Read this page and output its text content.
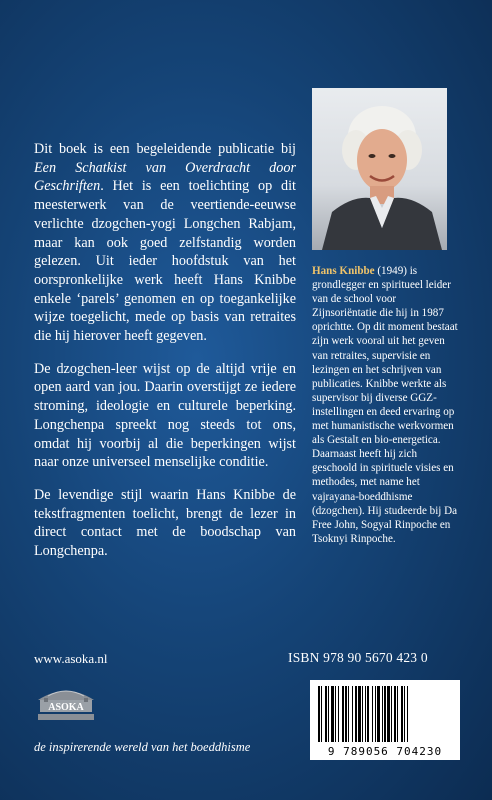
Dit boek is een begeleidende publicatie bij Een Schatkist van Overdracht door Geschriften. Het is een toelichting op dit meesterwerk van de veertiende-eeuwse verlichte dzogchen-yogi Longchen Rabjam, maar kan ook goed zelfstandig worden gelezen. Uit ieder hoofdstuk van het oorspronkelijke werk heeft Hans Knibbe enkele ‘parels’ genomen en op toegankelijke wijze toegelicht, mede op basis van retraites die hij hierover heeft gegeven.

De dzogchen-leer wijst op de altijd vrije en open aard van jou. Daarin overstijgt ze iedere stroming, ideologie en culturele beperking. Longchenpa spreekt nog steeds tot ons, omdat hij voorbij al die beperkingen wijst naar onze universeel menselijke conditie.

De levendige stijl waarin Hans Knibbe de tekstfragmenten toelicht, brengt de lezer in direct contact met de boodschap van Longchenpa.

Hans Knibbe (1949) is grondlegger en spiritueel leider van de school voor Zijnsoriëntatie die hij in 1987 oprichtte. Op dit moment bestaat zijn werk vooral uit het geven van retraites, supervisie en lezingen en het schrijven van publicaties. Knibbe werkte als supervisor bij diverse GGZ-instellingen en deed ervaring op met humanistische werkvormen als Gestalt en bio-energetica. Daarnaast heeft hij zich geschoold in spirituele visies en methodes, met name het vajrayana-boeddhisme (dzogchen). Hij studeerde bij Da Free John, Sogyal Rinpoche en Tsoknyi Rinpoche.
www.asoka.nl	ISBN 978 90 5670 423 0
ASOKA
9 789056 704230
de inspirerende wereld van het boeddhisme
